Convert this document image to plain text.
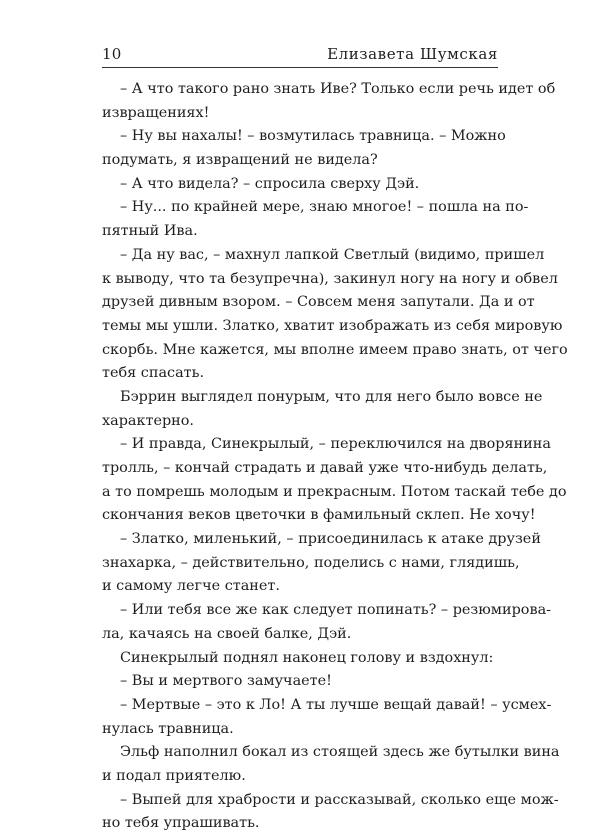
10	Елизавета Шумская
– А что такого рано знать Иве? Только если речь идет об
извращениях!
– Ну вы нахалы! – возмутилась травница. – Можно
подумать, я извращений не видела?
– А что видела? – спросила сверху Дэй.
– Ну... по крайней мере, знаю многое! – пошла на по-
пятный Ива.
– Да ну вас, – махнул лапкой Светлый (видимо, пришел
к выводу, что та безупречна), закинул ногу на ногу и обвел
друзей дивным взором. – Совсем меня запутали. Да и от
темы мы ушли. Златко, хватит изображать из себя мировую
скорбь. Мне кажется, мы вполне имеем право знать, от чего
тебя спасать.
Бэррин выглядел понурым, что для него было вовсе не
характерно.
– И правда, Синекрылый, – переключился на дворянина
тролль, – кончай страдать и давай уже что-нибудь делать,
а то помрешь молодым и прекрасным. Потом таскай тебе до
скончания веков цветочки в фамильный склеп. Не хочу!
– Златко, миленький, – присоединилась к атаке друзей
знахарка, – действительно, поделись с нами, глядишь,
и самому легче станет.
– Или тебя все же как следует попинать? – резюмирова-
ла, качаясь на своей балке, Дэй.
Синекрылый поднял наконец голову и вздохнул:
– Вы и мертвого замучаете!
– Мертвые – это к Ло! А ты лучше вещай давай! – усмех-
нулась травница.
Эльф наполнил бокал из стоящей здесь же бутылки вина
и подал приятелю.
– Выпей для храбрости и рассказывай, сколько еще мож-
но тебя упрашивать.
